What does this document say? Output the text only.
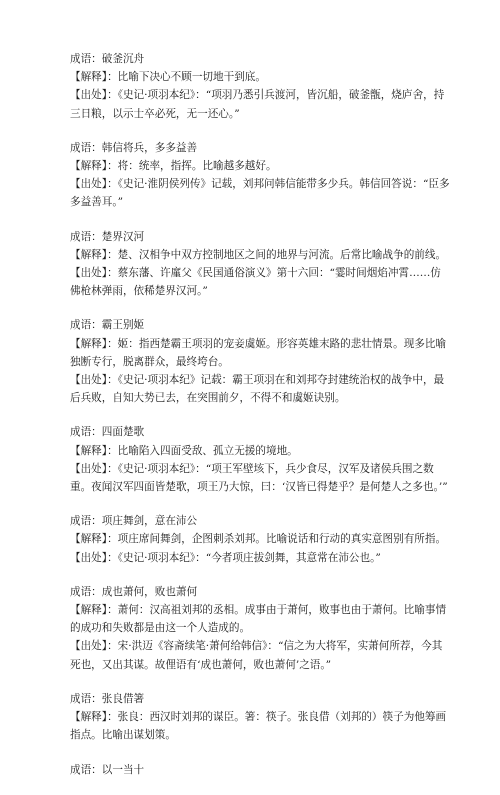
成语：破釜沉舟
【解释】：比喻下决心不顾一切地干到底。
【出处】：《史记·项羽本纪》：“项羽乃悉引兵渡河，皆沉船，破釜甑，烧庐舍，持三日粮，以示士卒必死，无一还心。”
成语：韩信将兵，多多益善
【解释】：将：统率，指挥。比喻越多越好。
【出处】：《史记·淮阴侯列传》记载，刘邦问韩信能带多少兵。韩信回答说：“臣多多益善耳。”
成语：楚界汉河
【解释】：楚、汉相争中双方控制地区之间的地界与河流。后常比喻战争的前线。
【出处】：蔡东藩、许廑父《民国通俗演义》第十六回：“霎时间烟焰冲霄……仿佛枪林弹雨，依稀楚界汉河。”
成语：霸王别姬
【解释】：姬：指西楚霸王项羽的宠妾虞姬。形容英雄末路的悲壮情景。现多比喻独断专行，脱离群众，最终垮台。
【出处】：《史记·项羽本纪》记载：霸王项羽在和刘邦夺封建统治权的战争中，最后兵败，自知大势已去，在突围前夕，不得不和虞姬诀别。
成语：四面楚歌
【解释】：比喻陷入四面受敌、孤立无援的境地。
【出处】：《史记·项羽本纪》：“项王军壁垓下，兵少食尽，汉军及诸侯兵围之数重。夜闻汉军四面皆楚歌，项王乃大惊，曰：‘汉皆已得楚乎？是何楚人之多也。’”
成语：项庄舞剑，意在沛公
【解释】：项庄席间舞剑，企图刺杀刘邦。比喻说话和行动的真实意图别有所指。
【出处】：《史记·项羽本纪》：“今者项庄拔剑舞，其意常在沛公也。”
成语：成也萧何，败也萧何
【解释】：萧何：汉高祖刘邦的丞相。成事由于萧何，败事也由于萧何。比喻事情的成功和失败都是由这一个人造成的。
【出处】：宋·洪迈《容斋续笔·萧何给韩信》：“信之为大将军，实萧何所荐，今其死也，又出其谋。故俚语有‘成也萧何，败也萧何’之语。”
成语：张良借箸
【解释】：张良：西汉时刘邦的谋臣。箸：筷子。张良借（刘邦的）筷子为他筹画指点。比喻出谋划策。
成语：以一当十
